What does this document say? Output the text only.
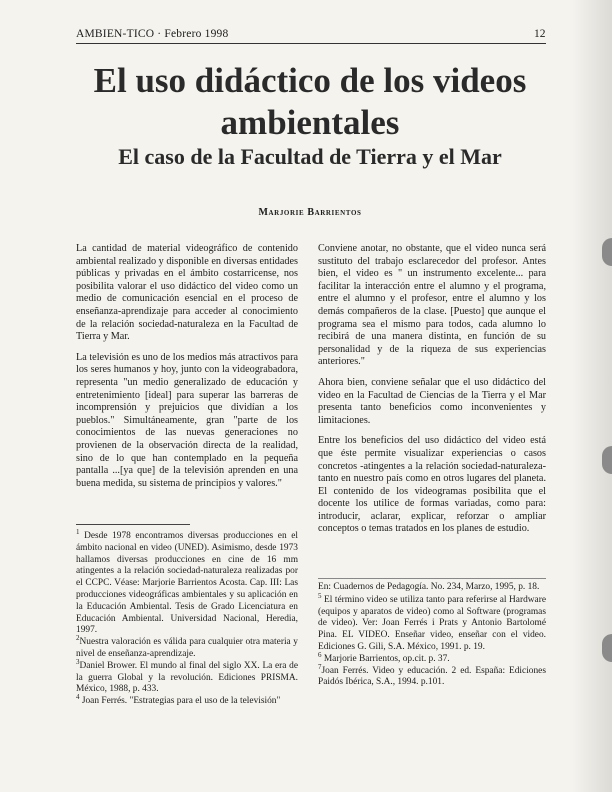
AMBIEN-TICO · Febrero 1998	12
El uso didáctico de los videos ambientales
El caso de la Facultad de Tierra y el Mar
Marjorie Barrientos

La cantidad de material videográfico de contenido ambiental realizado y disponible en diversas entidades públicas y privadas en el ámbito costarricense, nos posibilita valorar el uso didáctico del video como un medio de comunicación esencial en el proceso de enseñanza-aprendizaje para acceder al conocimiento de la relación sociedad-naturaleza en la Facultad de Tierra y Mar.

La televisión es uno de los medios más atractivos para los seres humanos y hoy, junto con la videograbadora, representa "un medio generalizado de educación y entretenimiento [ideal] para superar las barreras de incomprensión y prejuicios que dividían a los pueblos." Simultáneamente, gran "parte de los conocimientos de las nuevas generaciones no provienen de la observación directa de la realidad, sino de lo que han contemplado en la pequeña pantalla ...[ya que] de la televisión aprenden en una buena medida, su sistema de principios y valores."

Conviene anotar, no obstante, que el video nunca será sustituto del trabajo esclarecedor del profesor. Antes bien, el video es " un instrumento excelente... para facilitar la interacción entre el alumno y el programa, entre el alumno y el profesor, entre el alumno y los demás compañeros de la clase. [Puesto] que aunque el programa sea el mismo para todos, cada alumno lo recibirá de una manera distinta, en función de su personalidad y de la riqueza de sus experiencias anteriores."

Ahora bien, conviene señalar que el uso didáctico del video en la Facultad de Ciencias de la Tierra y el Mar presenta tanto beneficios como inconvenientes y limitaciones.

Entre los beneficios del uso didáctico del video está que éste permite visualizar experiencias o casos concretos -atingentes a la relación sociedad-naturaleza- tanto en nuestro país como en otros lugares del planeta. El contenido de los videogramas posibilita que el docente los utilice de formas variadas, como para: introducir, aclarar, explicar, reforzar o ampliar conceptos o temas tratados en los planes de estudio.

$^1$ Desde 1978 encontramos diversas producciones en el ámbito nacional en video (UNED). Asimismo, desde 1973 hallamos diversas producciones en cine de 16 mm atingentes a la relación sociedad-naturaleza realizadas por el CCPC. Véase: Marjorie Barrientos Acosta. Cap. III: Las producciones videográficas ambientales y su aplicación en la Educación Ambiental. Tesis de Grado Licenciatura en Educación Ambiental. Universidad Nacional, Heredia, 1997.

$^2$Nuestra valoración es válida para cualquier otra materia y nivel de enseñanza-aprendizaje.

$^3$Daniel Brower. El mundo al final del siglo XX. La era de la guerra Global y la revolución. Ediciones PRISMA. México, 1988, p. 433.

$^4$ Joan Ferrés. "Estrategias para el uso de la televisión"

En: Cuadernos de Pedagogía. No. 234, Marzo, 1995, p. 18.

$^5$ El término video se utiliza tanto para referirse al Hardware (equipos y aparatos de video) como al Software (programas de video). Ver: Joan Ferrés i Prats y Antonio Bartolomé Pina. EL VIDEO. Enseñar video, enseñar con el video. Ediciones G. Gili, S.A. México, 1991. p. 19.

$^6$ Marjorie Barrientos, op.cit. p. 37.

$^7$Joan Ferrés. Video y educación. 2 ed. España: Ediciones Paidós Ibérica, S.A., 1994. p.101.
